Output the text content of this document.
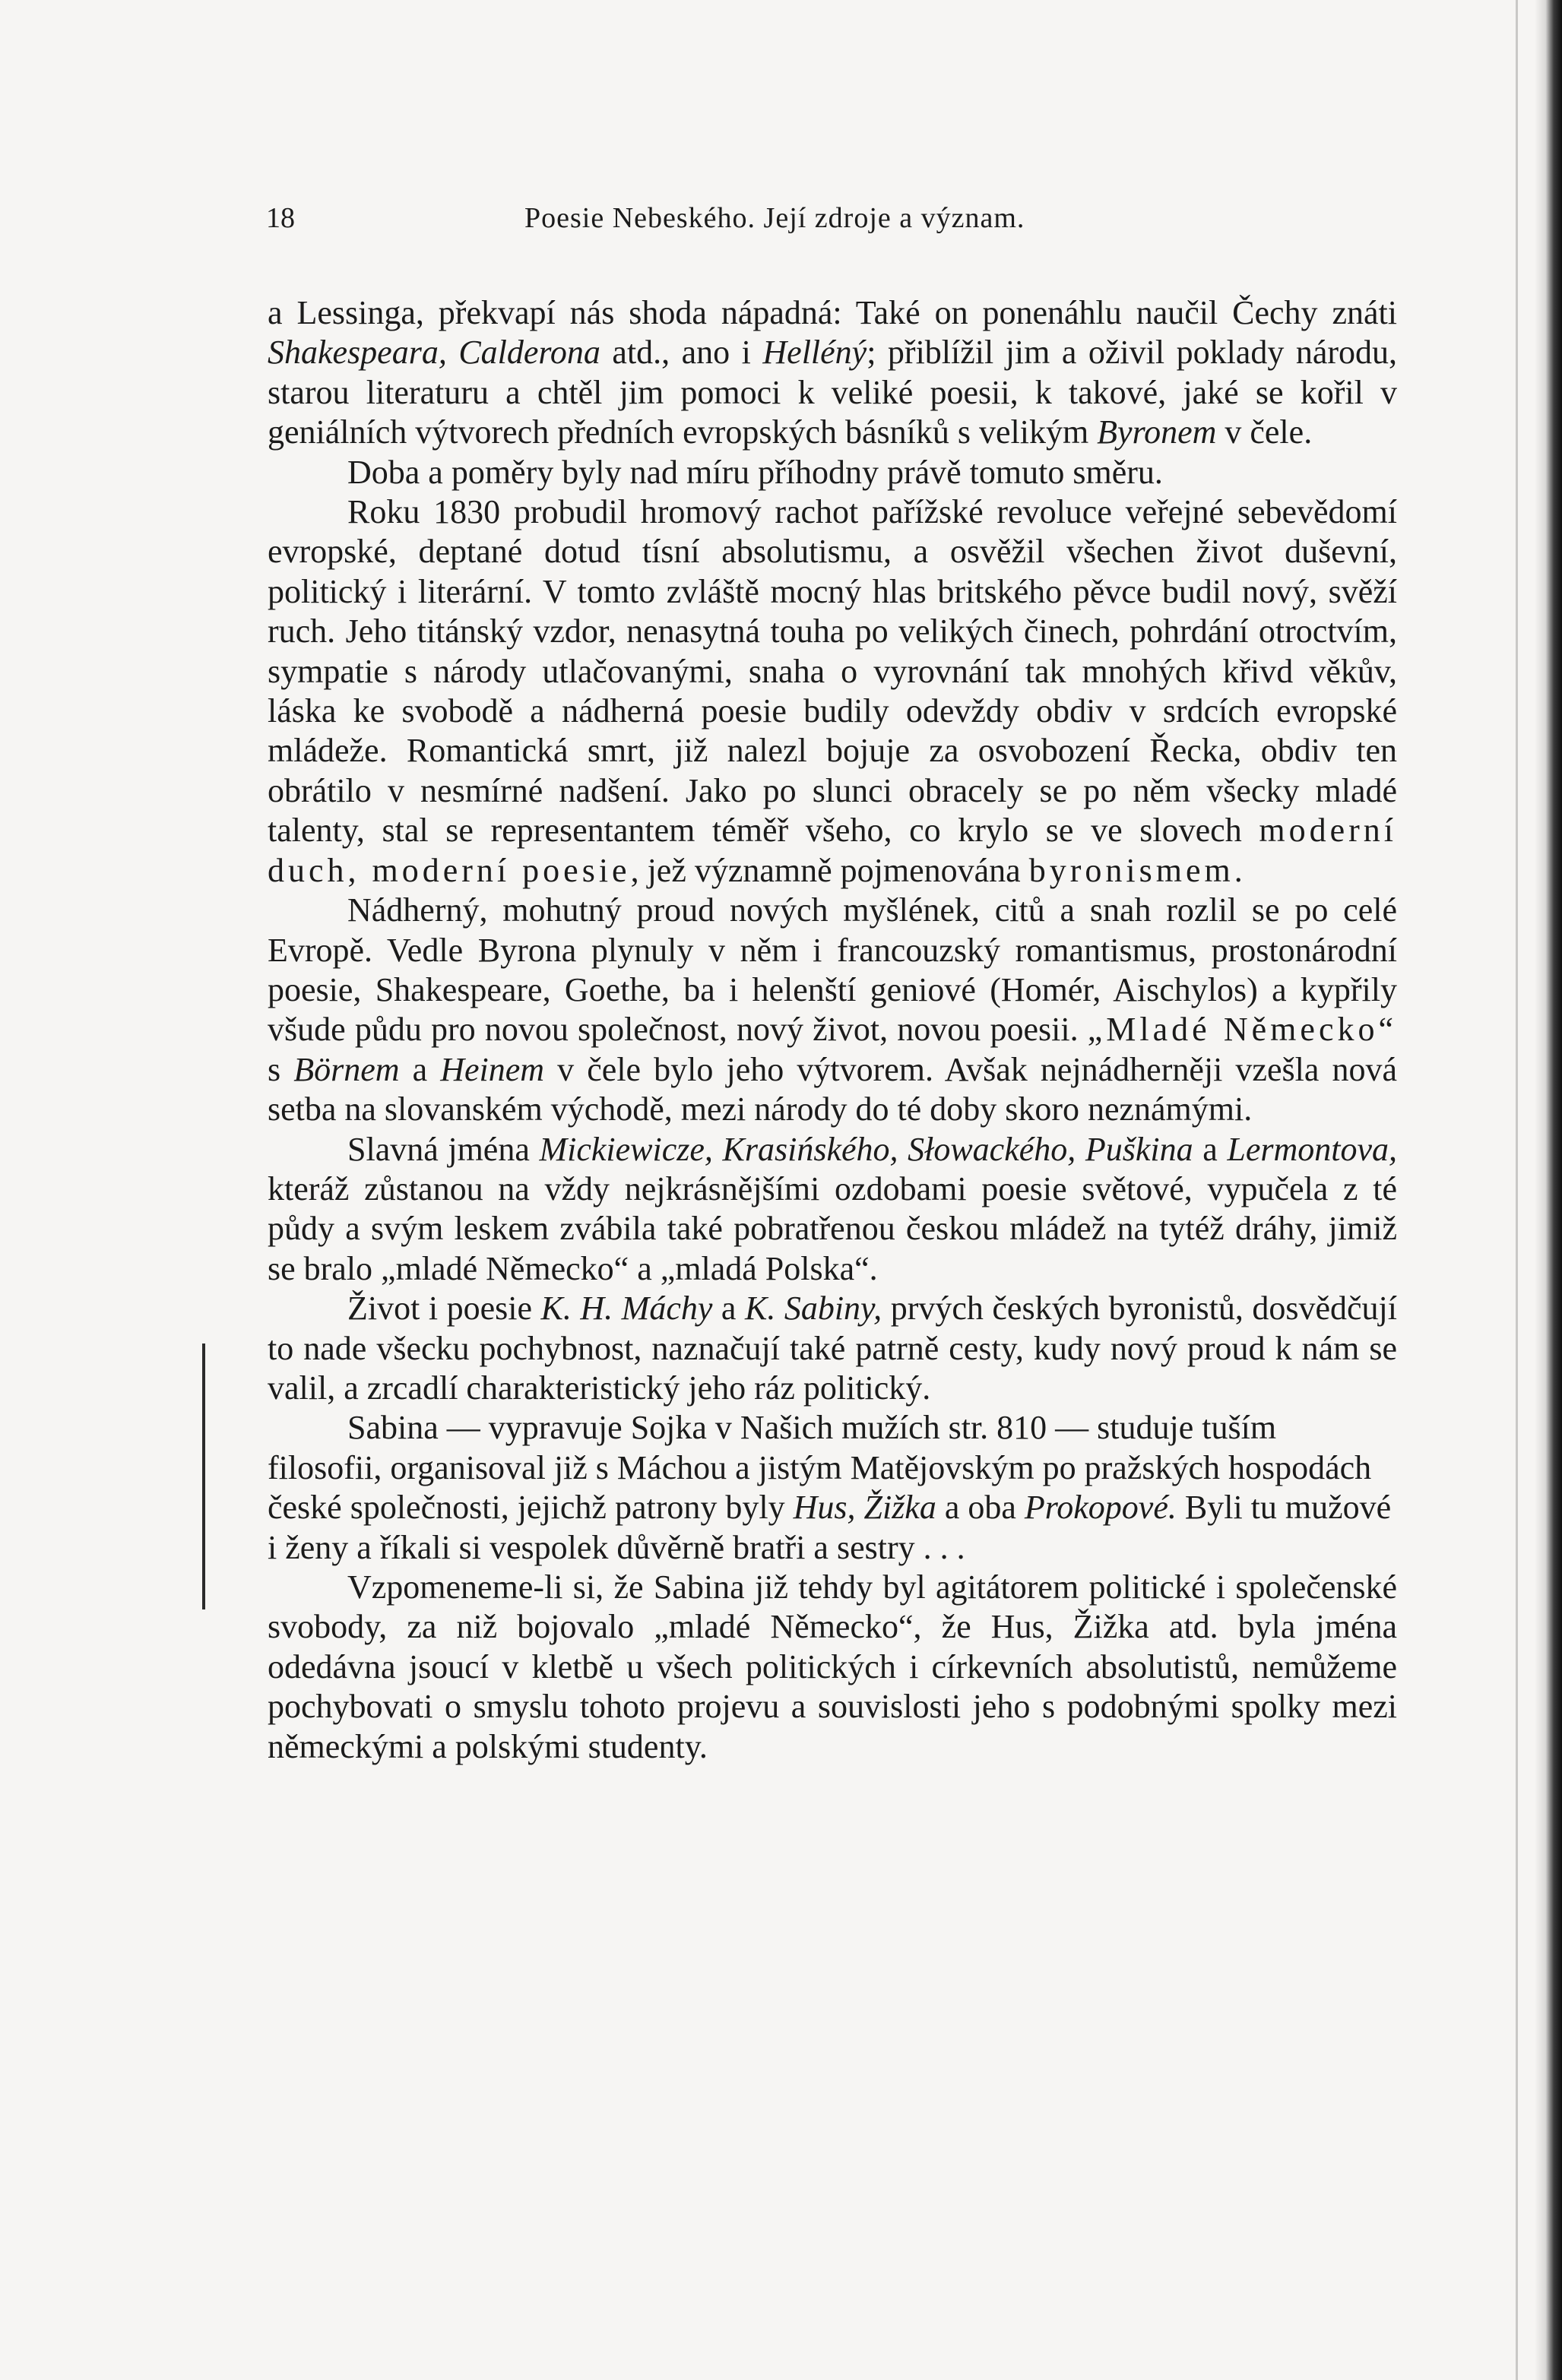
18	Poesie Nebeského. Její zdroje a význam.

a Lessinga, překvapí nás shoda nápadná: Také on ponenáhlu naučil Čechy znáti Shakespeara, Calderona atd., ano i Helléný; přiblížil jim a oživil poklady národu, starou literaturu a chtěl jim pomoci k veliké poesii, k takové, jaké se kořil v geniálních výtvorech předních evropských básníků s velikým Byronem v čele.

Doba a poměry byly nad míru příhodny právě tomuto směru.

Roku 1830 probudil hromový rachot pařížské revoluce veřejné sebevědomí evropské, deptané dotud tísní absolutismu, a osvěžil všechen život duševní, politický i literární. V tomto zvláště mocný hlas britského pěvce budil nový, svěží ruch. Jeho titánský vzdor, nenasytná touha po velikých činech, pohrdání otroctvím, sympatie s národy utlačovanými, snaha o vyrovnání tak mnohých křivd věkův, láska ke svobodě a nádherná poesie budily odevždy obdiv v srdcích evropské mládeže. Romantická smrt, již nalezl bojuje za osvobození Řecka, obdiv ten obrátilo v nesmírné nadšení. Jako po slunci obracely se po něm všecky mladé talenty, stal se representantem téměř všeho, co krylo se ve slovech moderní duch, moderní poesie, jež významně pojmenována byronismem.

Nádherný, mohutný proud nových myšlének, citů a snah rozlil se po celé Evropě. Vedle Byrona plynuly v něm i francouzský romantismus, prostonárodní poesie, Shakespeare, Goethe, ba i helenští geniové (Homér, Aischylos) a kypřily všude půdu pro novou společnost, nový život, novou poesii. „Mladé Německo“ s Börnem a Heinem v čele bylo jeho výtvorem. Avšak nejnádherněji vzešla nová setba na slovanském východě, mezi národy do té doby skoro neznámými.

Slavná jména Mickiewicze, Krasińského, Słowackého, Puškina a Lermontova, kteráž zůstanou na vždy nejkrásnějšími ozdobami poesie světové, vypučela z té půdy a svým leskem zvábila také pobratřenou českou mládež na tytéž dráhy, jimiž se bralo „mladé Německo“ a „mladá Polska“.

Život i poesie K. H. Máchy a K. Sabiny, prvých českých byronistů, dosvědčují to nade všecku pochybnost, naznačují také patrně cesty, kudy nový proud k nám se valil, a zrcadlí charakteristický jeho ráz politický.

Sabina — vypravuje Sojka v Našich mužích str. 810 — studuje tuším filosofii, organisoval již s Máchou a jistým Matějovským po pražských hospodách české společnosti, jejichž patrony byly Hus, Žižka a oba Prokopové. Byli tu mužové i ženy a říkali si vespolek důvěrně bratři a sestry . . .

Vzpomeneme-li si, že Sabina již tehdy byl agitátorem politické i společenské svobody, za niž bojovalo „mladé Německo“, že Hus, Žižka atd. byla jména odedávna jsoucí v kletbě u všech politických i církevních absolutistů, nemůžeme pochybovati o smyslu tohoto projevu a souvislosti jeho s podobnými spolky mezi německými a polskými studenty.
